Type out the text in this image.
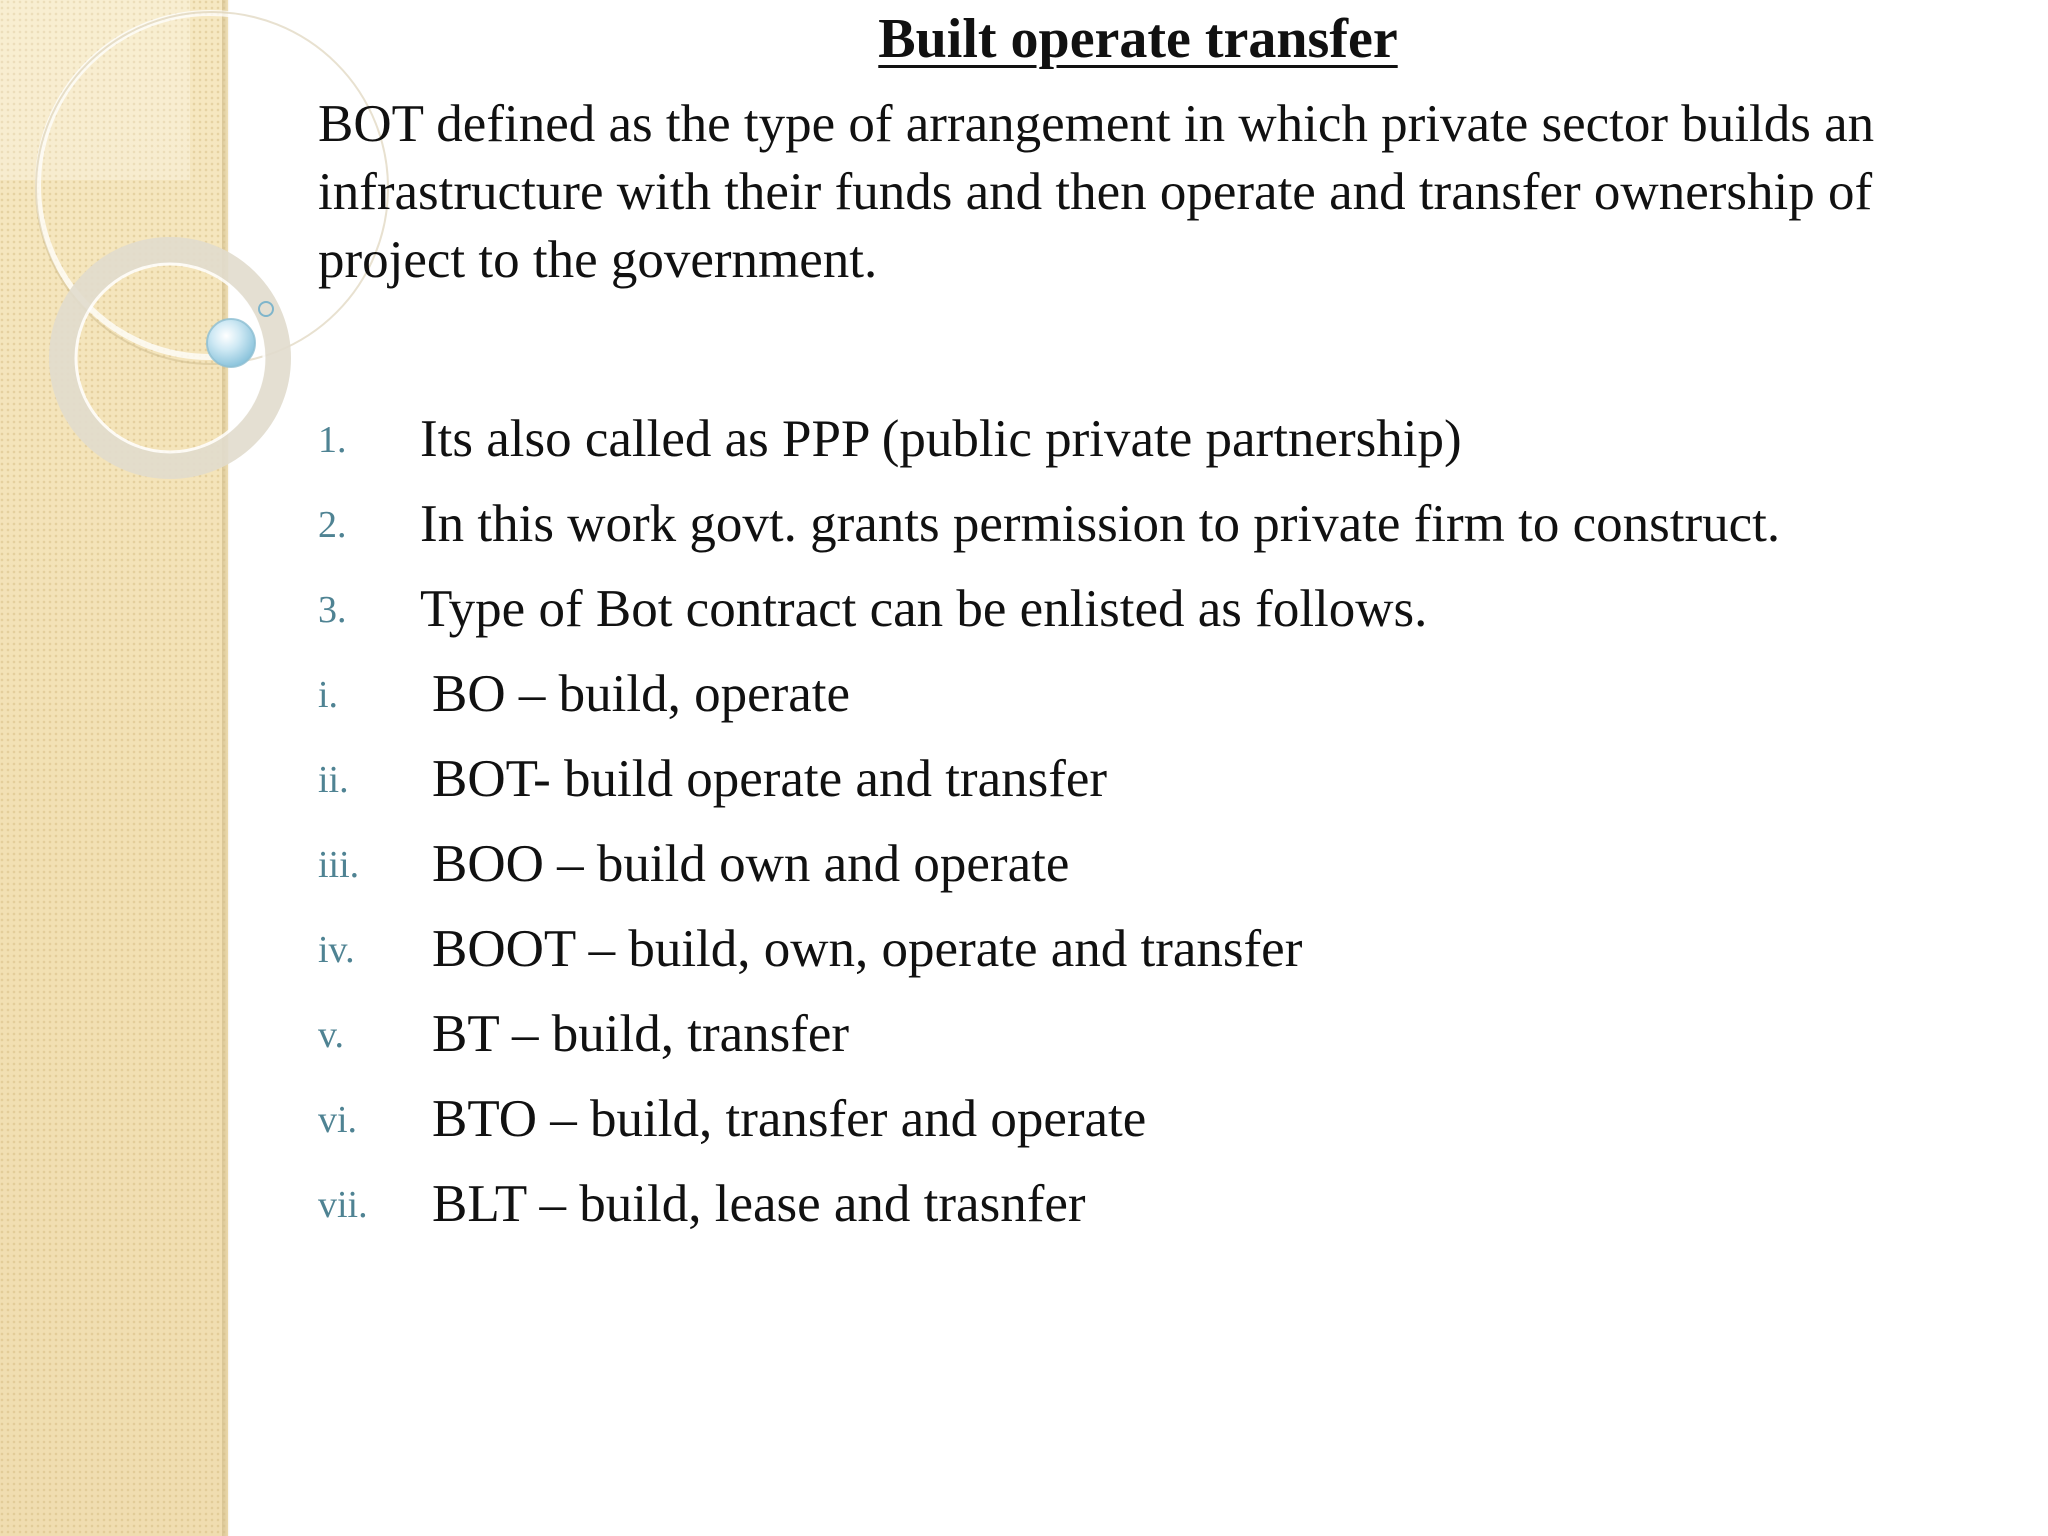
Built operate transfer

BOT defined as the type of arrangement in which private sector builds an infrastructure with their funds and then operate and transfer ownership of project to the government.

1. Its also called as PPP (public private partnership)
2. In this work govt. grants permission to private firm to construct.
3. Type of Bot contract can be enlisted as follows.
i. BO – build, operate
ii. BOT- build operate and transfer
iii. BOO – build own and operate
iv. BOOT – build, own, operate and transfer
v. BT – build, transfer
vi. BTO – build, transfer and operate
vii. BLT – build, lease and trasnfer
